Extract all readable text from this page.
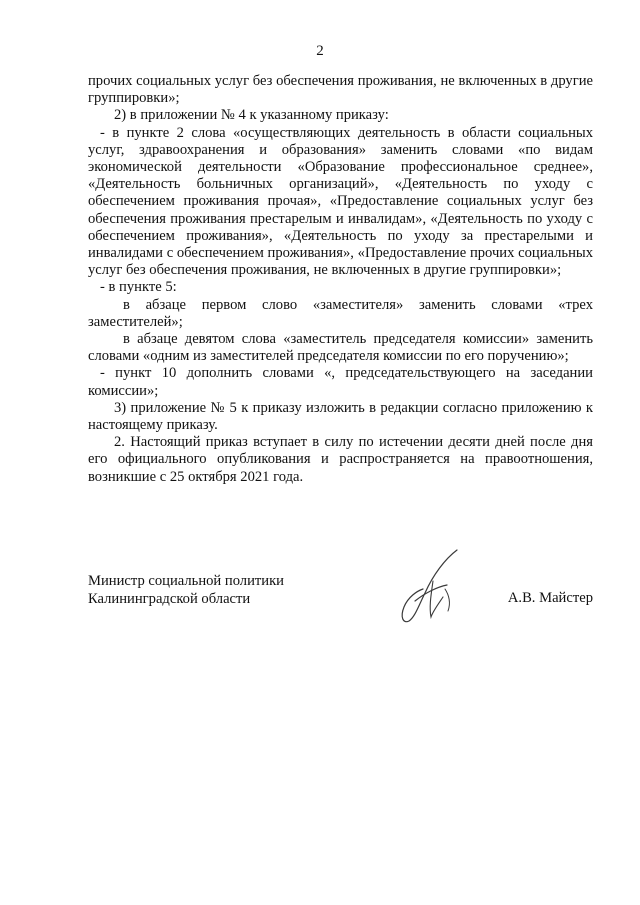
2

прочих социальных услуг без обеспечения проживания, не включенных в другие группировки»;

2) в приложении № 4 к указанному приказу:

- в пункте 2 слова «осуществляющих деятельность в области социальных услуг, здравоохранения и образования» заменить словами «по видам экономической деятельности «Образование профессиональное среднее», «Деятельность больничных организаций», «Деятельность по уходу с обеспечением проживания прочая», «Предоставление социальных услуг без обеспечения проживания престарелым и инвалидам», «Деятельность по уходу с обеспечением проживания», «Деятельность по уходу за престарелыми и инвалидами с обеспечением проживания», «Предоставление прочих социальных услуг без обеспечения проживания, не включенных в другие группировки»;

- в пункте 5:

в абзаце первом слово «заместителя» заменить словами «трех заместителей»;

в абзаце девятом слова «заместитель председателя комиссии» заменить словами «одним из заместителей председателя комиссии по его поручению»;

- пункт 10 дополнить словами «, председательствующего на заседании комиссии»;

3) приложение № 5 к приказу изложить в редакции согласно приложению к настоящему приказу.

2. Настоящий приказ вступает в силу по истечении десяти дней после дня его официального опубликования и распространяется на правоотношения, возникшие с 25 октября 2021 года.

Министр социальной политики Калининградской области	А.В. Майстер
